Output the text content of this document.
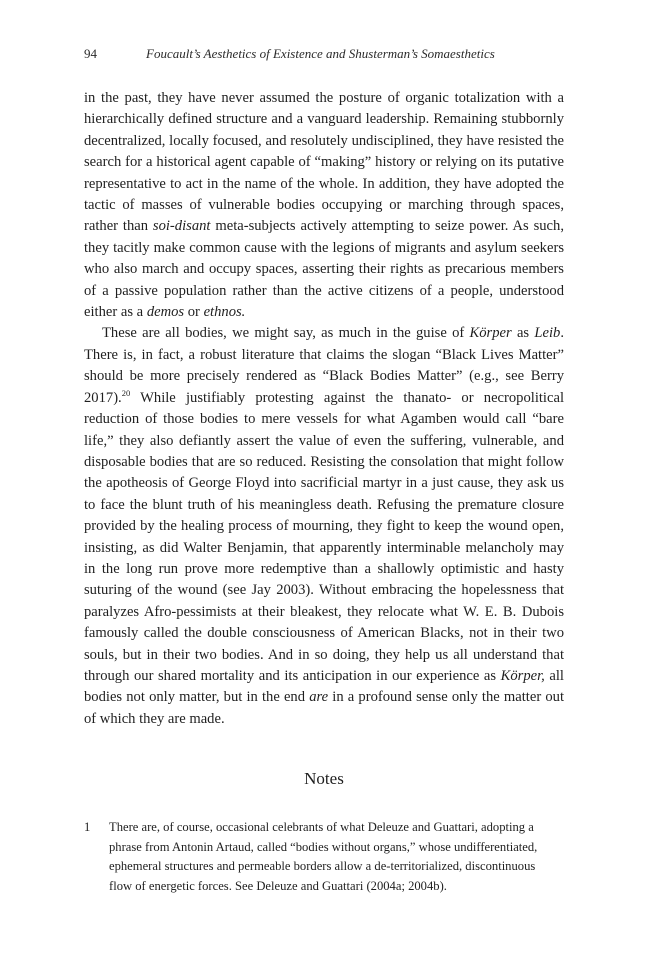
94	Foucault’s Aesthetics of Existence and Shusterman’s Somaesthetics

in the past, they have never assumed the posture of organic totalization with a hierarchically defined structure and a vanguard leadership. Remaining stubbornly decentralized, locally focused, and resolutely undisciplined, they have resisted the search for a historical agent capable of “making” history or relying on its putative representative to act in the name of the whole. In addition, they have adopted the tactic of masses of vulnerable bodies occupying or marching through spaces, rather than soi-disant meta-subjects actively attempting to seize power. As such, they tacitly make common cause with the legions of migrants and asylum seekers who also march and occupy spaces, asserting their rights as precarious members of a passive population rather than the active citizens of a people, understood either as a demos or ethnos.

These are all bodies, we might say, as much in the guise of Körper as Leib. There is, in fact, a robust literature that claims the slogan “Black Lives Matter” should be more precisely rendered as “Black Bodies Matter” (e.g., see Berry 2017).$^{20}$ While justifiably protesting against the thanato- or necropolitical reduction of those bodies to mere vessels for what Agamben would call “bare life,” they also defiantly assert the value of even the suffering, vulnerable, and disposable bodies that are so reduced. Resisting the consolation that might follow the apotheosis of George Floyd into sacrificial martyr in a just cause, they ask us to face the blunt truth of his meaningless death. Refusing the premature closure provided by the healing process of mourning, they fight to keep the wound open, insisting, as did Walter Benjamin, that apparently interminable melancholy may in the long run prove more redemptive than a shallowly optimistic and hasty suturing of the wound (see Jay 2003). Without embracing the hopelessness that paralyzes Afro-pessimists at their bleakest, they relocate what W. E. B. Dubois famously called the double consciousness of American Blacks, not in their two souls, but in their two bodies. And in so doing, they help us all understand that through our shared mortality and its anticipation in our experience as Körper, all bodies not only matter, but in the end are in a profound sense only the matter out of which they are made.

Notes
1 There are, of course, occasional celebrants of what Deleuze and Guattari, adopting a phrase from Antonin Artaud, called “bodies without organs,” whose undifferentiated, ephemeral structures and permeable borders allow a de-territorialized, discontinuous flow of energetic forces. See Deleuze and Guattari (2004a; 2004b).
